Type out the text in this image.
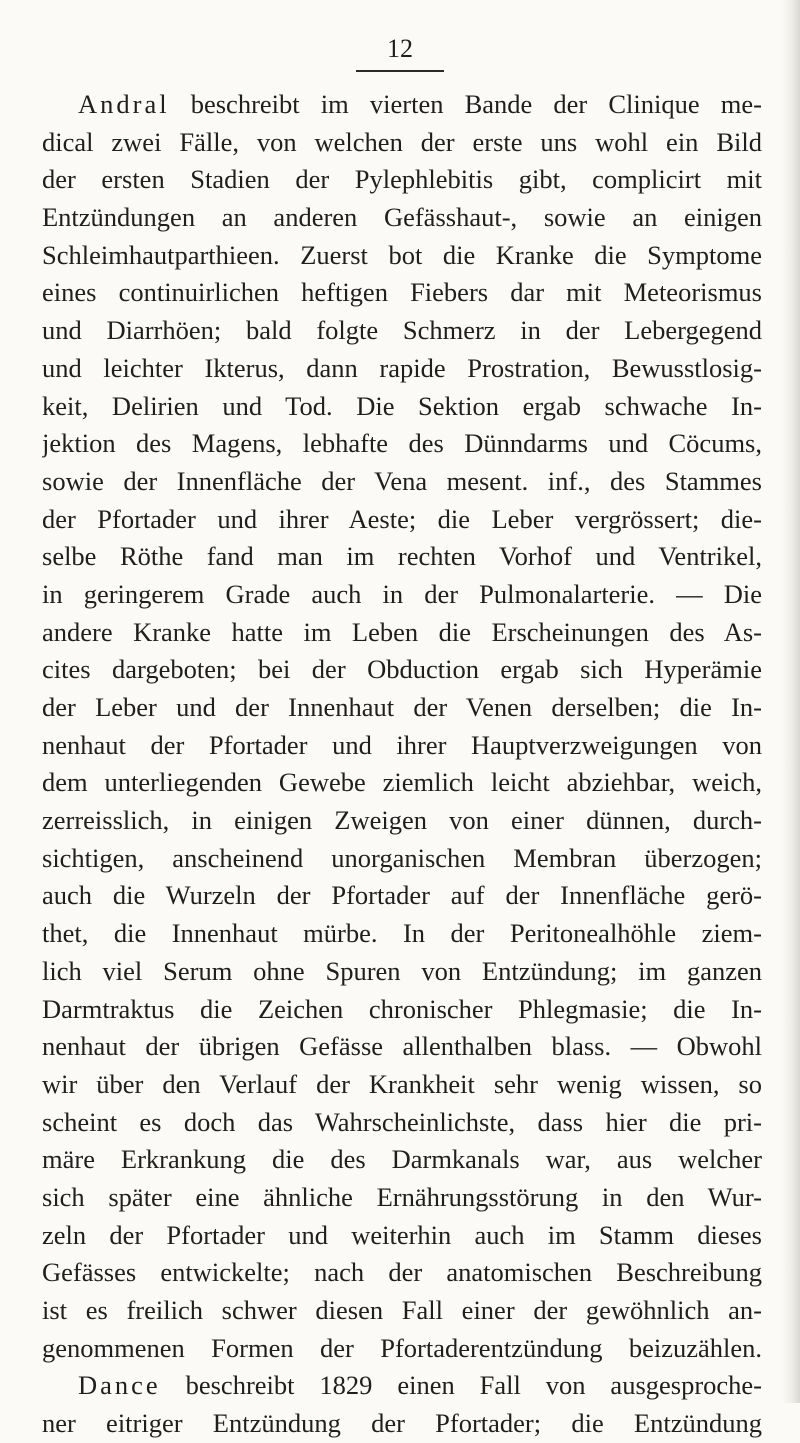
12
Andral beschreibt im vierten Bande der Clinique me-
dical zwei Fälle, von welchen der erste uns wohl ein Bild
der ersten Stadien der Pylephlebitis gibt, complicirt mit
Entzündungen an anderen Gefässhaut-, sowie an einigen
Schleimhautparthieen. Zuerst bot die Kranke die Symptome
eines continuirlichen heftigen Fiebers dar mit Meteorismus
und Diarrhöen; bald folgte Schmerz in der Lebergegend
und leichter Ikterus, dann rapide Prostration, Bewusstlosig-
keit, Delirien und Tod. Die Sektion ergab schwache In-
jektion des Magens, lebhafte des Dünndarms und Cöcums,
sowie der Innenfläche der Vena mesent. inf., des Stammes
der Pfortader und ihrer Aeste; die Leber vergrössert; die-
selbe Röthe fand man im rechten Vorhof und Ventrikel,
in geringerem Grade auch in der Pulmonalarterie. — Die
andere Kranke hatte im Leben die Erscheinungen des As-
cites dargeboten; bei der Obduction ergab sich Hyperämie
der Leber und der Innenhaut der Venen derselben; die In-
nenhaut der Pfortader und ihrer Hauptverzweigungen von
dem unterliegenden Gewebe ziemlich leicht abziehbar, weich,
zerreisslich, in einigen Zweigen von einer dünnen, durch-
sichtigen, anscheinend unorganischen Membran überzogen;
auch die Wurzeln der Pfortader auf der Innenfläche gerö-
thet, die Innenhaut mürbe. In der Peritonealhöhle ziem-
lich viel Serum ohne Spuren von Entzündung; im ganzen
Darmtraktus die Zeichen chronischer Phlegmasie; die In-
nenhaut der übrigen Gefässe allenthalben blass. — Obwohl
wir über den Verlauf der Krankheit sehr wenig wissen, so
scheint es doch das Wahrscheinlichste, dass hier die pri-
märe Erkrankung die des Darmkanals war, aus welcher
sich später eine ähnliche Ernährungsstörung in den Wur-
zeln der Pfortader und weiterhin auch im Stamm dieses
Gefässes entwickelte; nach der anatomischen Beschreibung
ist es freilich schwer diesen Fall einer der gewöhnlich an-
genommenen Formen der Pfortaderentzündung beizuzählen.
Dance beschreibt 1829 einen Fall von ausgesproche-
ner eitriger Entzündung der Pfortader; die Entzündung
